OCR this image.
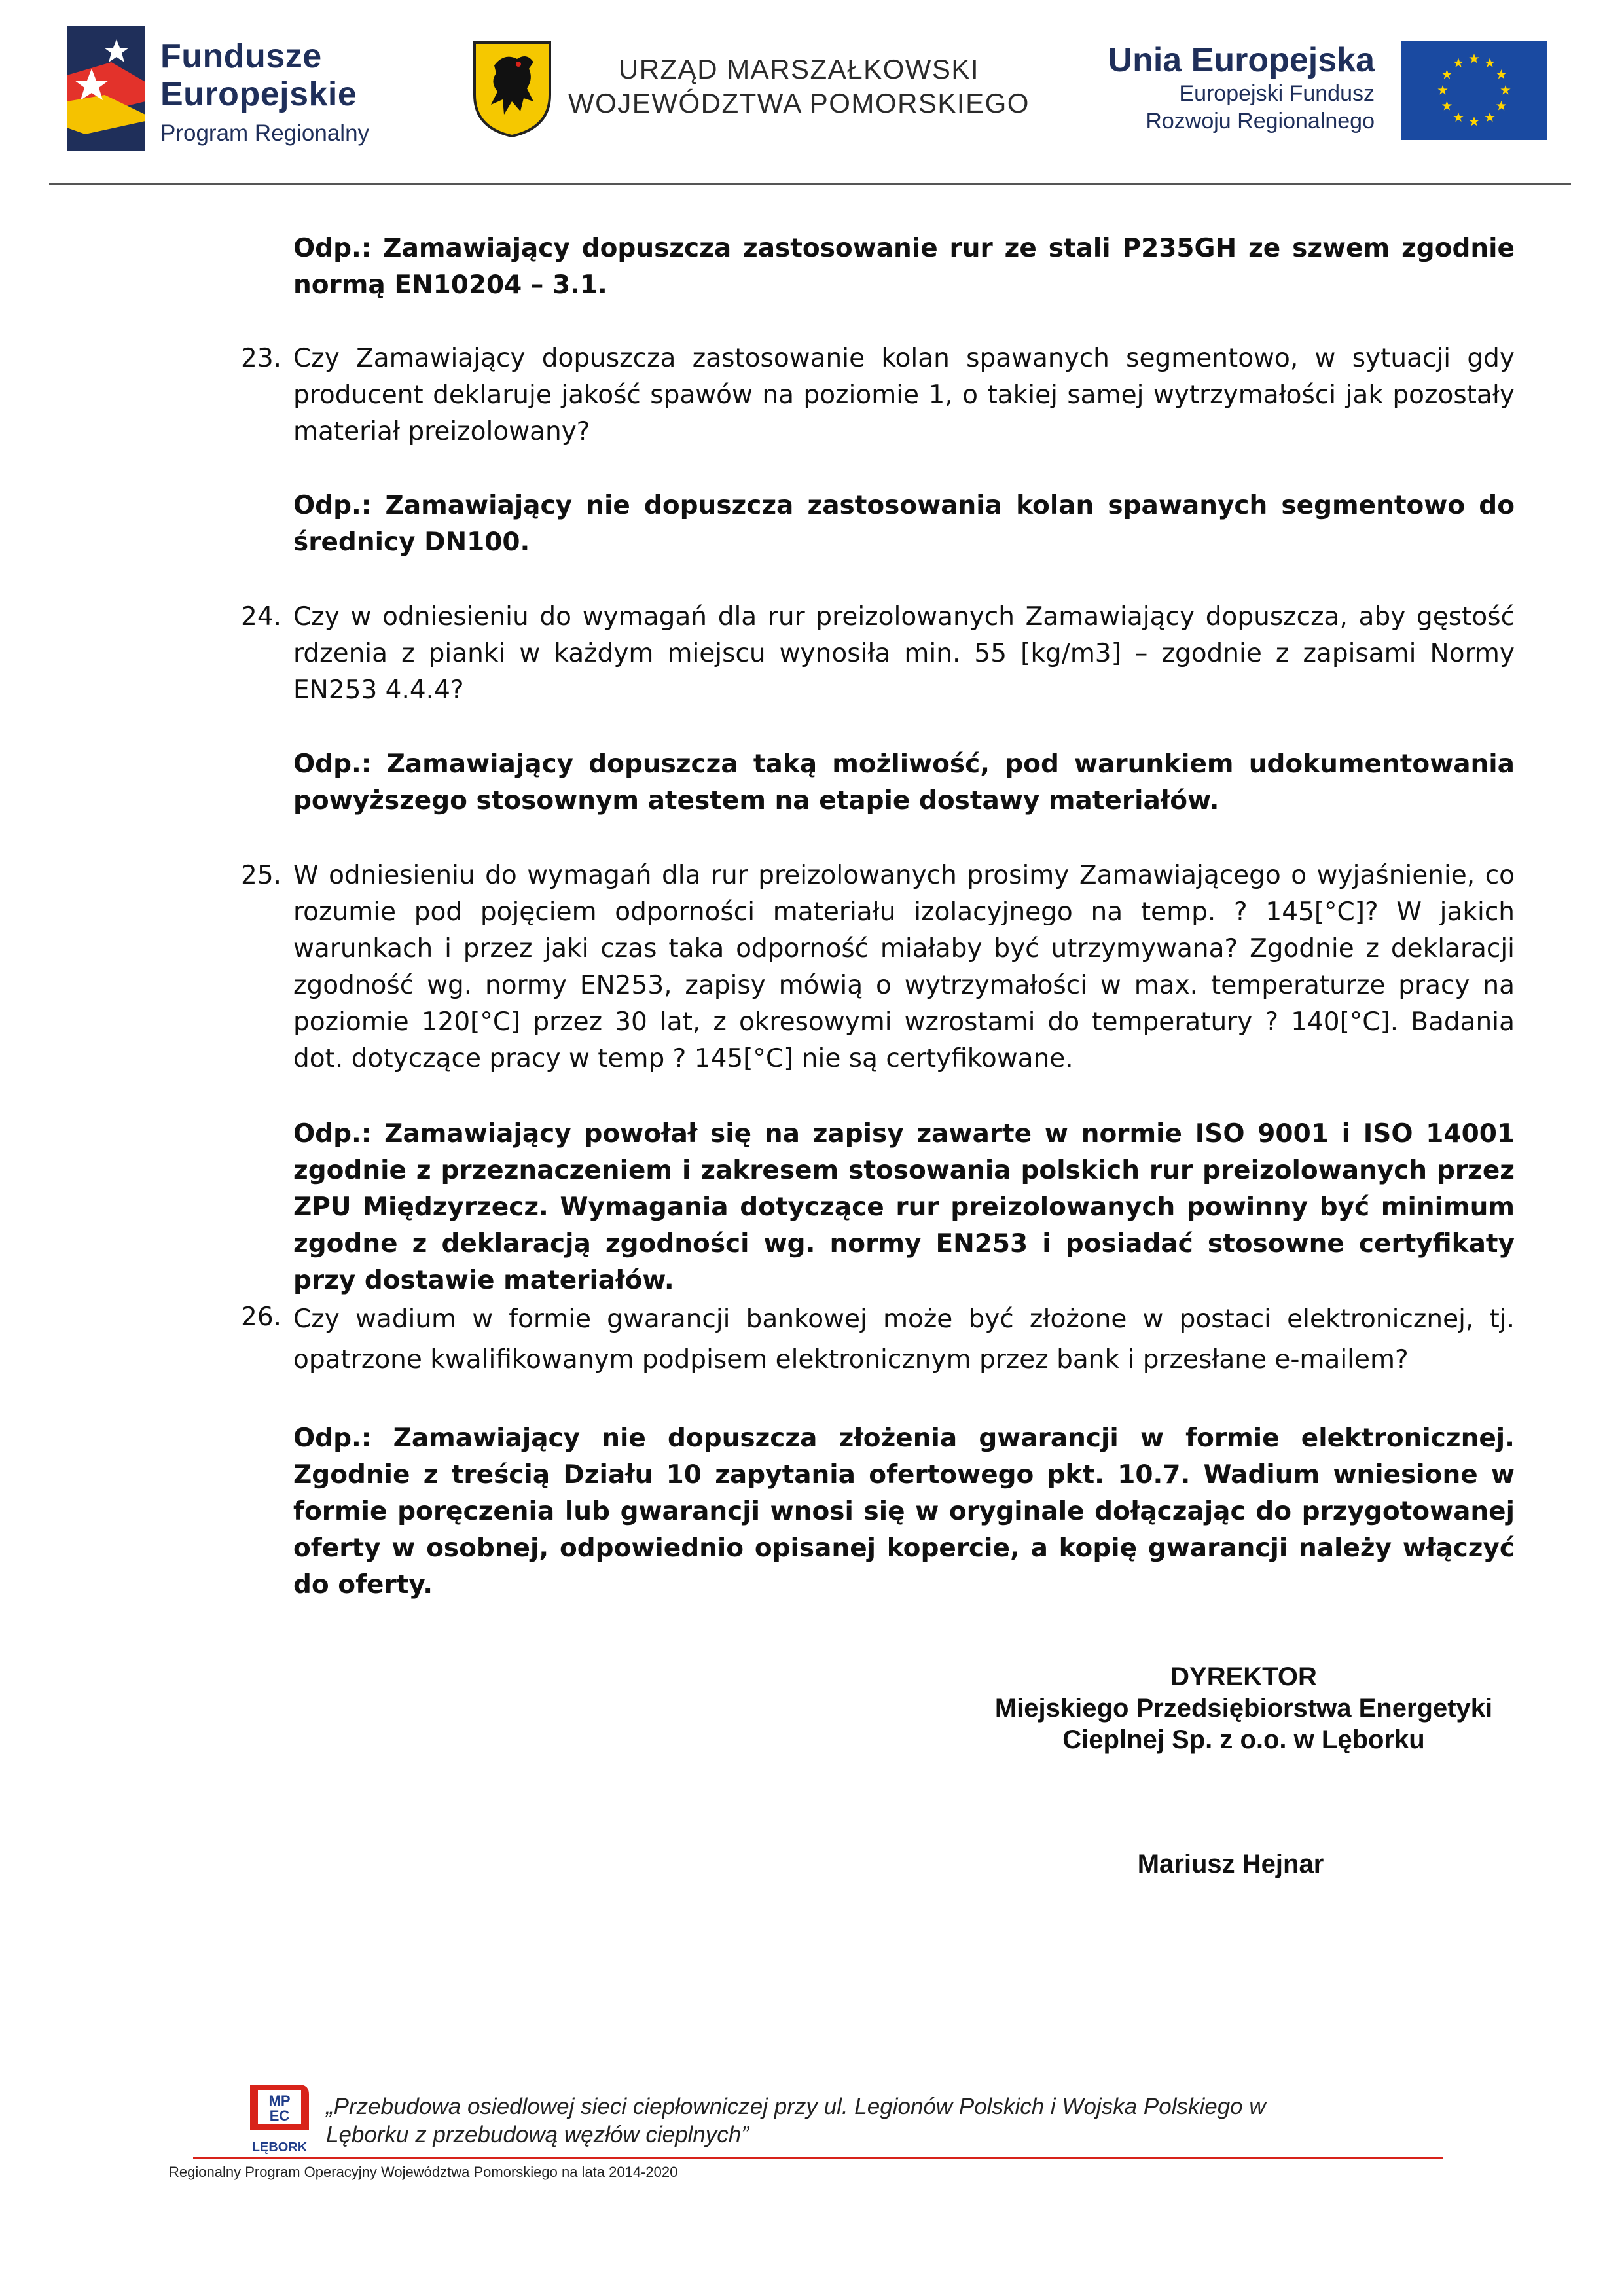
Fundusze
Europejskie
Program Regionalny
URZĄD MARSZAŁKOWSKI
WOJEWÓDZTWA POMORSKIEGO
Unia Europejska
Europejski Fundusz
Rozwoju Regionalnego
Odp.: Zamawiający dopuszcza zastosowanie rur ze stali P235GH ze szwem zgodnie normą EN10204 – 3.1.
23. Czy Zamawiający dopuszcza zastosowanie kolan spawanych segmentowo, w sytuacji gdy producent deklaruje jakość spawów na poziomie 1, o takiej samej wytrzymałości jak pozostały materiał preizolowany?
Odp.: Zamawiający nie dopuszcza zastosowania kolan spawanych segmentowo do średnicy DN100.
24. Czy w odniesieniu do wymagań dla rur preizolowanych Zamawiający dopuszcza, aby gęstość rdzenia z pianki w każdym miejscu wynosiła min. 55 [kg/m3] – zgodnie z zapisami Normy EN253 4.4.4?
Odp.: Zamawiający dopuszcza taką możliwość, pod warunkiem udokumentowania powyższego stosownym atestem na etapie dostawy materiałów.
25. W odniesieniu do wymagań dla rur preizolowanych prosimy Zamawiającego o wyjaśnienie, co rozumie pod pojęciem odporności materiału izolacyjnego na temp. ? 145[°C]? W jakich warunkach i przez jaki czas taka odporność miałaby być utrzymywana? Zgodnie z deklaracji zgodność wg. normy EN253, zapisy mówią o wytrzymałości w max. temperaturze pracy na poziomie 120[°C] przez 30 lat, z okresowymi wzrostami do temperatury ? 140[°C]. Badania dot. dotyczące pracy w temp ? 145[°C] nie są certyfikowane.
Odp.: Zamawiający powołał się na zapisy zawarte w normie ISO 9001 i ISO 14001 zgodnie z przeznaczeniem i zakresem stosowania polskich rur preizolowanych przez ZPU Międzyrzecz. Wymagania dotyczące rur preizolowanych powinny być minimum zgodne z deklaracją zgodności wg. normy EN253 i posiadać stosowne certyfikaty przy dostawie materiałów.
26. Czy wadium w formie gwarancji bankowej może być złożone w postaci elektronicznej, tj. opatrzone kwalifikowanym podpisem elektronicznym przez bank i przesłane e-mailem?
Odp.: Zamawiający nie dopuszcza złożenia gwarancji w formie elektronicznej. Zgodnie z treścią Działu 10 zapytania ofertowego pkt. 10.7. Wadium wniesione w formie poręczenia lub gwarancji wnosi się w oryginale dołączając do przygotowanej oferty w osobnej, odpowiednio opisanej kopercie, a kopię gwarancji należy włączyć do oferty.
DYREKTOR
Miejskiego Przedsiębiorstwa Energetyki
Cieplnej Sp. z o.o. w Lęborku
Mariusz Hejnar
MP
EC
LĘBORK
„Przebudowa osiedlowej sieci ciepłowniczej przy ul. Legionów Polskich i Wojska Polskiego w
Lęborku z przebudową węzłów cieplnych”
Regionalny Program Operacyjny Województwa Pomorskiego na lata 2014-2020
